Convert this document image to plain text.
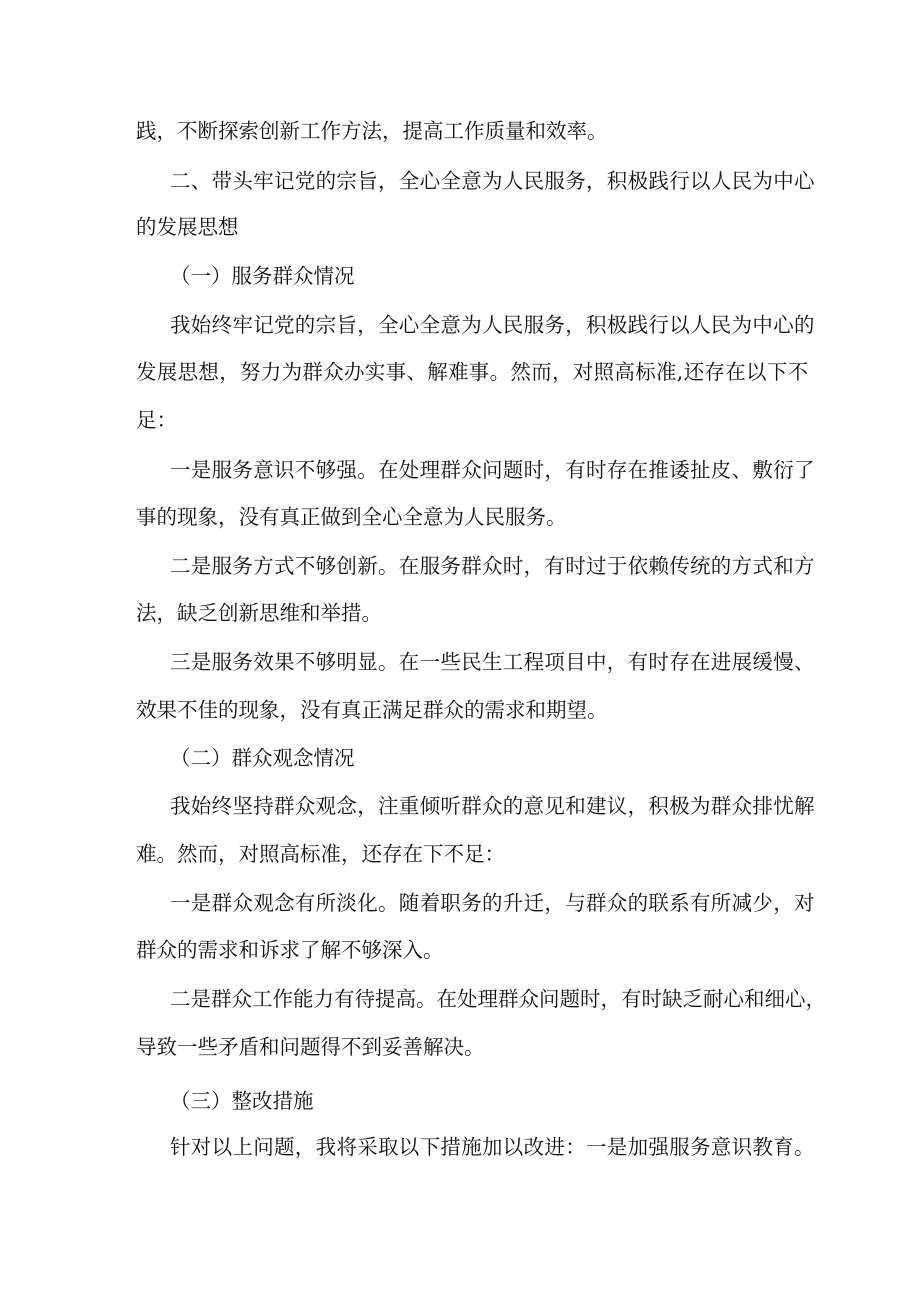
践，不断探索创新工作方法，提高工作质量和效率。
二、带头牢记党的宗旨，全心全意为人民服务，积极践行以人民为中心
的发展思想
（一）服务群众情况
我始终牢记党的宗旨，全心全意为人民服务，积极践行以人民为中心的
发展思想，努力为群众办实事、解难事。然而，对照高标准,还存在以下不
足：
一是服务意识不够强。在处理群众问题时，有时存在推诿扯皮、敷衍了
事的现象，没有真正做到全心全意为人民服务。
二是服务方式不够创新。在服务群众时，有时过于依赖传统的方式和方
法，缺乏创新思维和举措。
三是服务效果不够明显。在一些民生工程项目中，有时存在进展缓慢、
效果不佳的现象，没有真正满足群众的需求和期望。
（二）群众观念情况
我始终坚持群众观念，注重倾听群众的意见和建议，积极为群众排忧解
难。然而，对照高标准，还存在下不足：
一是群众观念有所淡化。随着职务的升迁，与群众的联系有所减少，对
群众的需求和诉求了解不够深入。
二是群众工作能力有待提高。在处理群众问题时，有时缺乏耐心和细心，
导致一些矛盾和问题得不到妥善解决。
（三）整改措施
针对以上问题，我将采取以下措施加以改进：一是加强服务意识教育。
